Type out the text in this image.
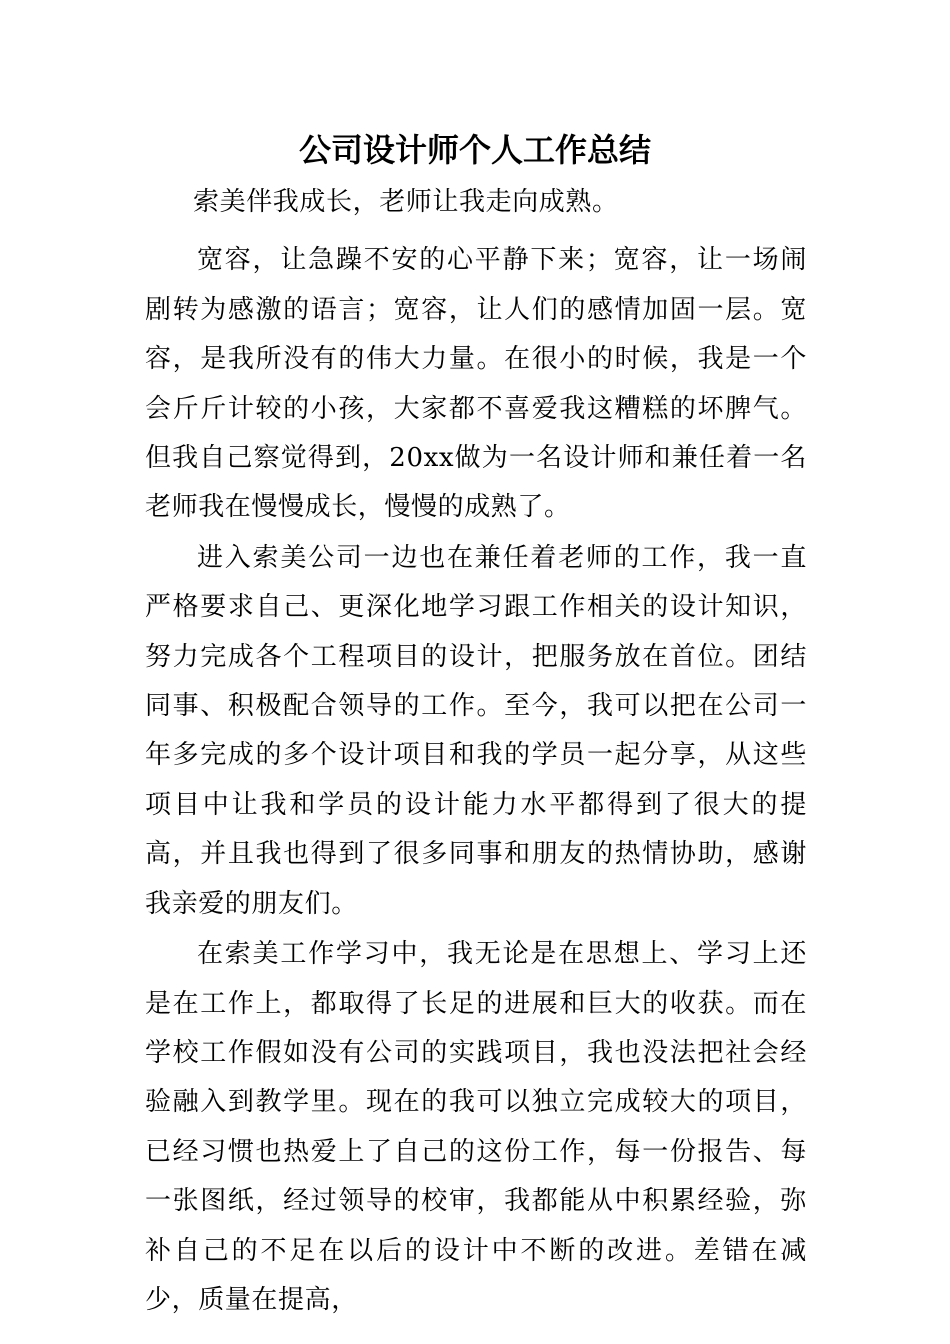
公司设计师个人工作总结

索美伴我成长，老师让我走向成熟。

宽容，让急躁不安的心平静下来；宽容，让一场闹剧转为感激的语言；宽容，让人们的感情加固一层。宽容，是我所没有的伟大力量。在很小的时候，我是一个会斤斤计较的小孩，大家都不喜爱我这糟糕的坏脾气。但我自己察觉得到，20xx做为一名设计师和兼任着一名老师我在慢慢成长，慢慢的成熟了。

进入索美公司一边也在兼任着老师的工作，我一直严格要求自己、更深化地学习跟工作相关的设计知识，努力完成各个工程项目的设计，把服务放在首位。团结同事、积极配合领导的工作。至今，我可以把在公司一年多完成的多个设计项目和我的学员一起分享，从这些项目中让我和学员的设计能力水平都得到了很大的提高，并且我也得到了很多同事和朋友的热情协助，感谢我亲爱的朋友们。

在索美工作学习中，我无论是在思想上、学习上还是在工作上，都取得了长足的进展和巨大的收获。而在学校工作假如没有公司的实践项目，我也没法把社会经验融入到教学里。现在的我可以独立完成较大的项目，已经习惯也热爱上了自己的这份工作，每一份报告、每一张图纸，经过领导的校审，我都能从中积累经验，弥补自己的不足在以后的设计中不断的改进。差错在减少，质量在提高，
